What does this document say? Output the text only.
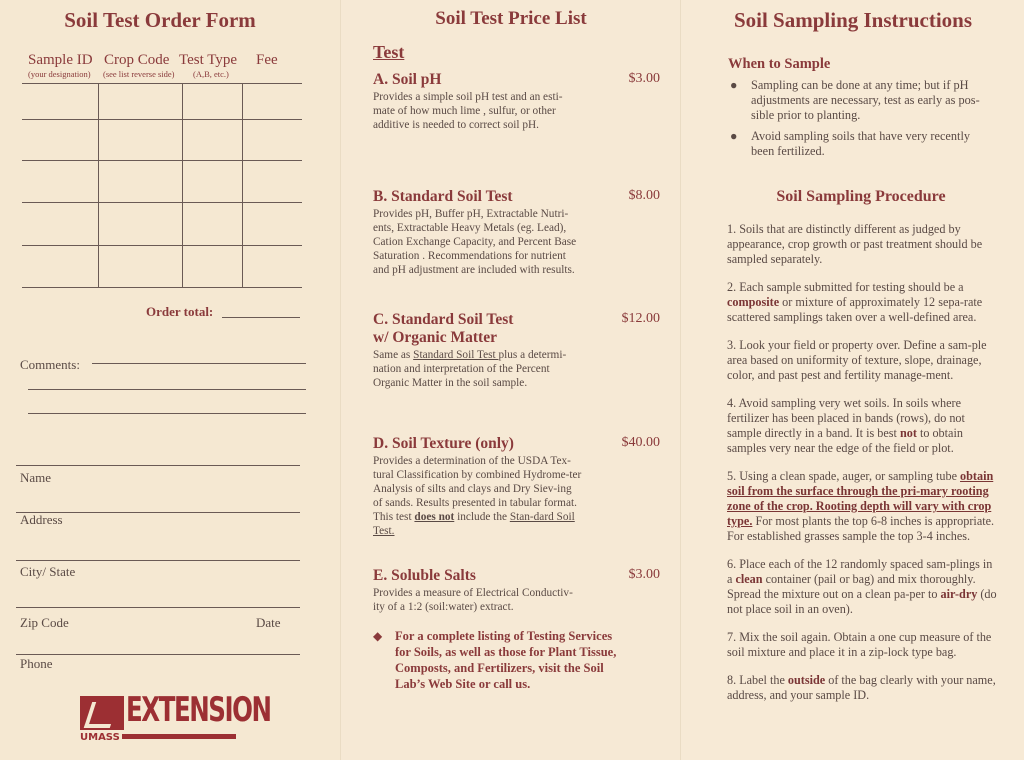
Soil Test Order Form
Sample ID Crop Code Test Type Fee
(your designation) (see list reverse side) (A,B, etc.)
Order total:
Comments:
Name
Address
City/ State
Zip Code	Date
Phone
EXTENSION
UMASS
Soil Test Price List
Test
A. Soil pH	$3.00
Provides a simple soil pH test and an esti-mate of how much lime , sulfur, or other additive is needed to correct soil pH.
B. Standard Soil Test	$8.00
Provides pH, Buffer pH, Extractable Nutri-ents, Extractable Heavy Metals (eg. Lead), Cation Exchange Capacity, and Percent Base Saturation . Recommendations for nutrient and pH adjustment are included with results.
C. Standard Soil Test
w/ Organic Matter
$12.00
Same as Standard Soil Test plus a determi-nation and interpretation of the Percent Organic Matter in the soil sample.
D. Soil Texture (only)	$40.00
Provides a determination of the USDA Tex-tural Classification by combined Hydrome-ter Analysis of silts and clays and Dry Siev-ing of sands. Results presented in tabular format. This test does not include the Stan-dard Soil Test.
E. Soluble Salts	$3.00
Provides a measure of Electrical Conductiv-ity of a 1:2 (soil:water) extract.
◆ For a complete listing of Testing Services for Soils, as well as those for Plant Tissue, Composts, and Fertilizers, visit the Soil Lab’s Web Site or call us.
Soil Sampling Instructions
When to Sample
● Sampling can be done at any time; but if pH adjustments are necessary, test as early as pos-sible prior to planting.
● Avoid sampling soils that have very recently been fertilized.
Soil Sampling Procedure

1. Soils that are distinctly different as judged by appearance, crop growth or past treatment should be sampled separately.

2. Each sample submitted for testing should be a composite or mixture of approximately 12 sepa-rate scattered samplings taken over a well-defined area.

3. Look your field or property over. Define a sam-ple area based on uniformity of texture, slope, drainage, color, and past pest and fertility manage-ment.

4. Avoid sampling very wet soils. In soils where fertilizer has been placed in bands (rows), do not sample directly in a band. It is best not to obtain samples very near the edge of the field or plot.

5. Using a clean spade, auger, or sampling tube obtain soil from the surface through the pri-mary rooting zone of the crop. Rooting depth will vary with crop type. For most plants the top 6-8 inches is appropriate. For established grasses sample the top 3-4 inches.

6. Place each of the 12 randomly spaced sam-plings in a clean container (pail or bag) and mix thoroughly. Spread the mixture out on a clean pa-per to air-dry (do not place soil in an oven).

7. Mix the soil again. Obtain a one cup measure of the soil mixture and place it in a zip-lock type bag.

8. Label the outside of the bag clearly with your name, address, and your sample ID.
